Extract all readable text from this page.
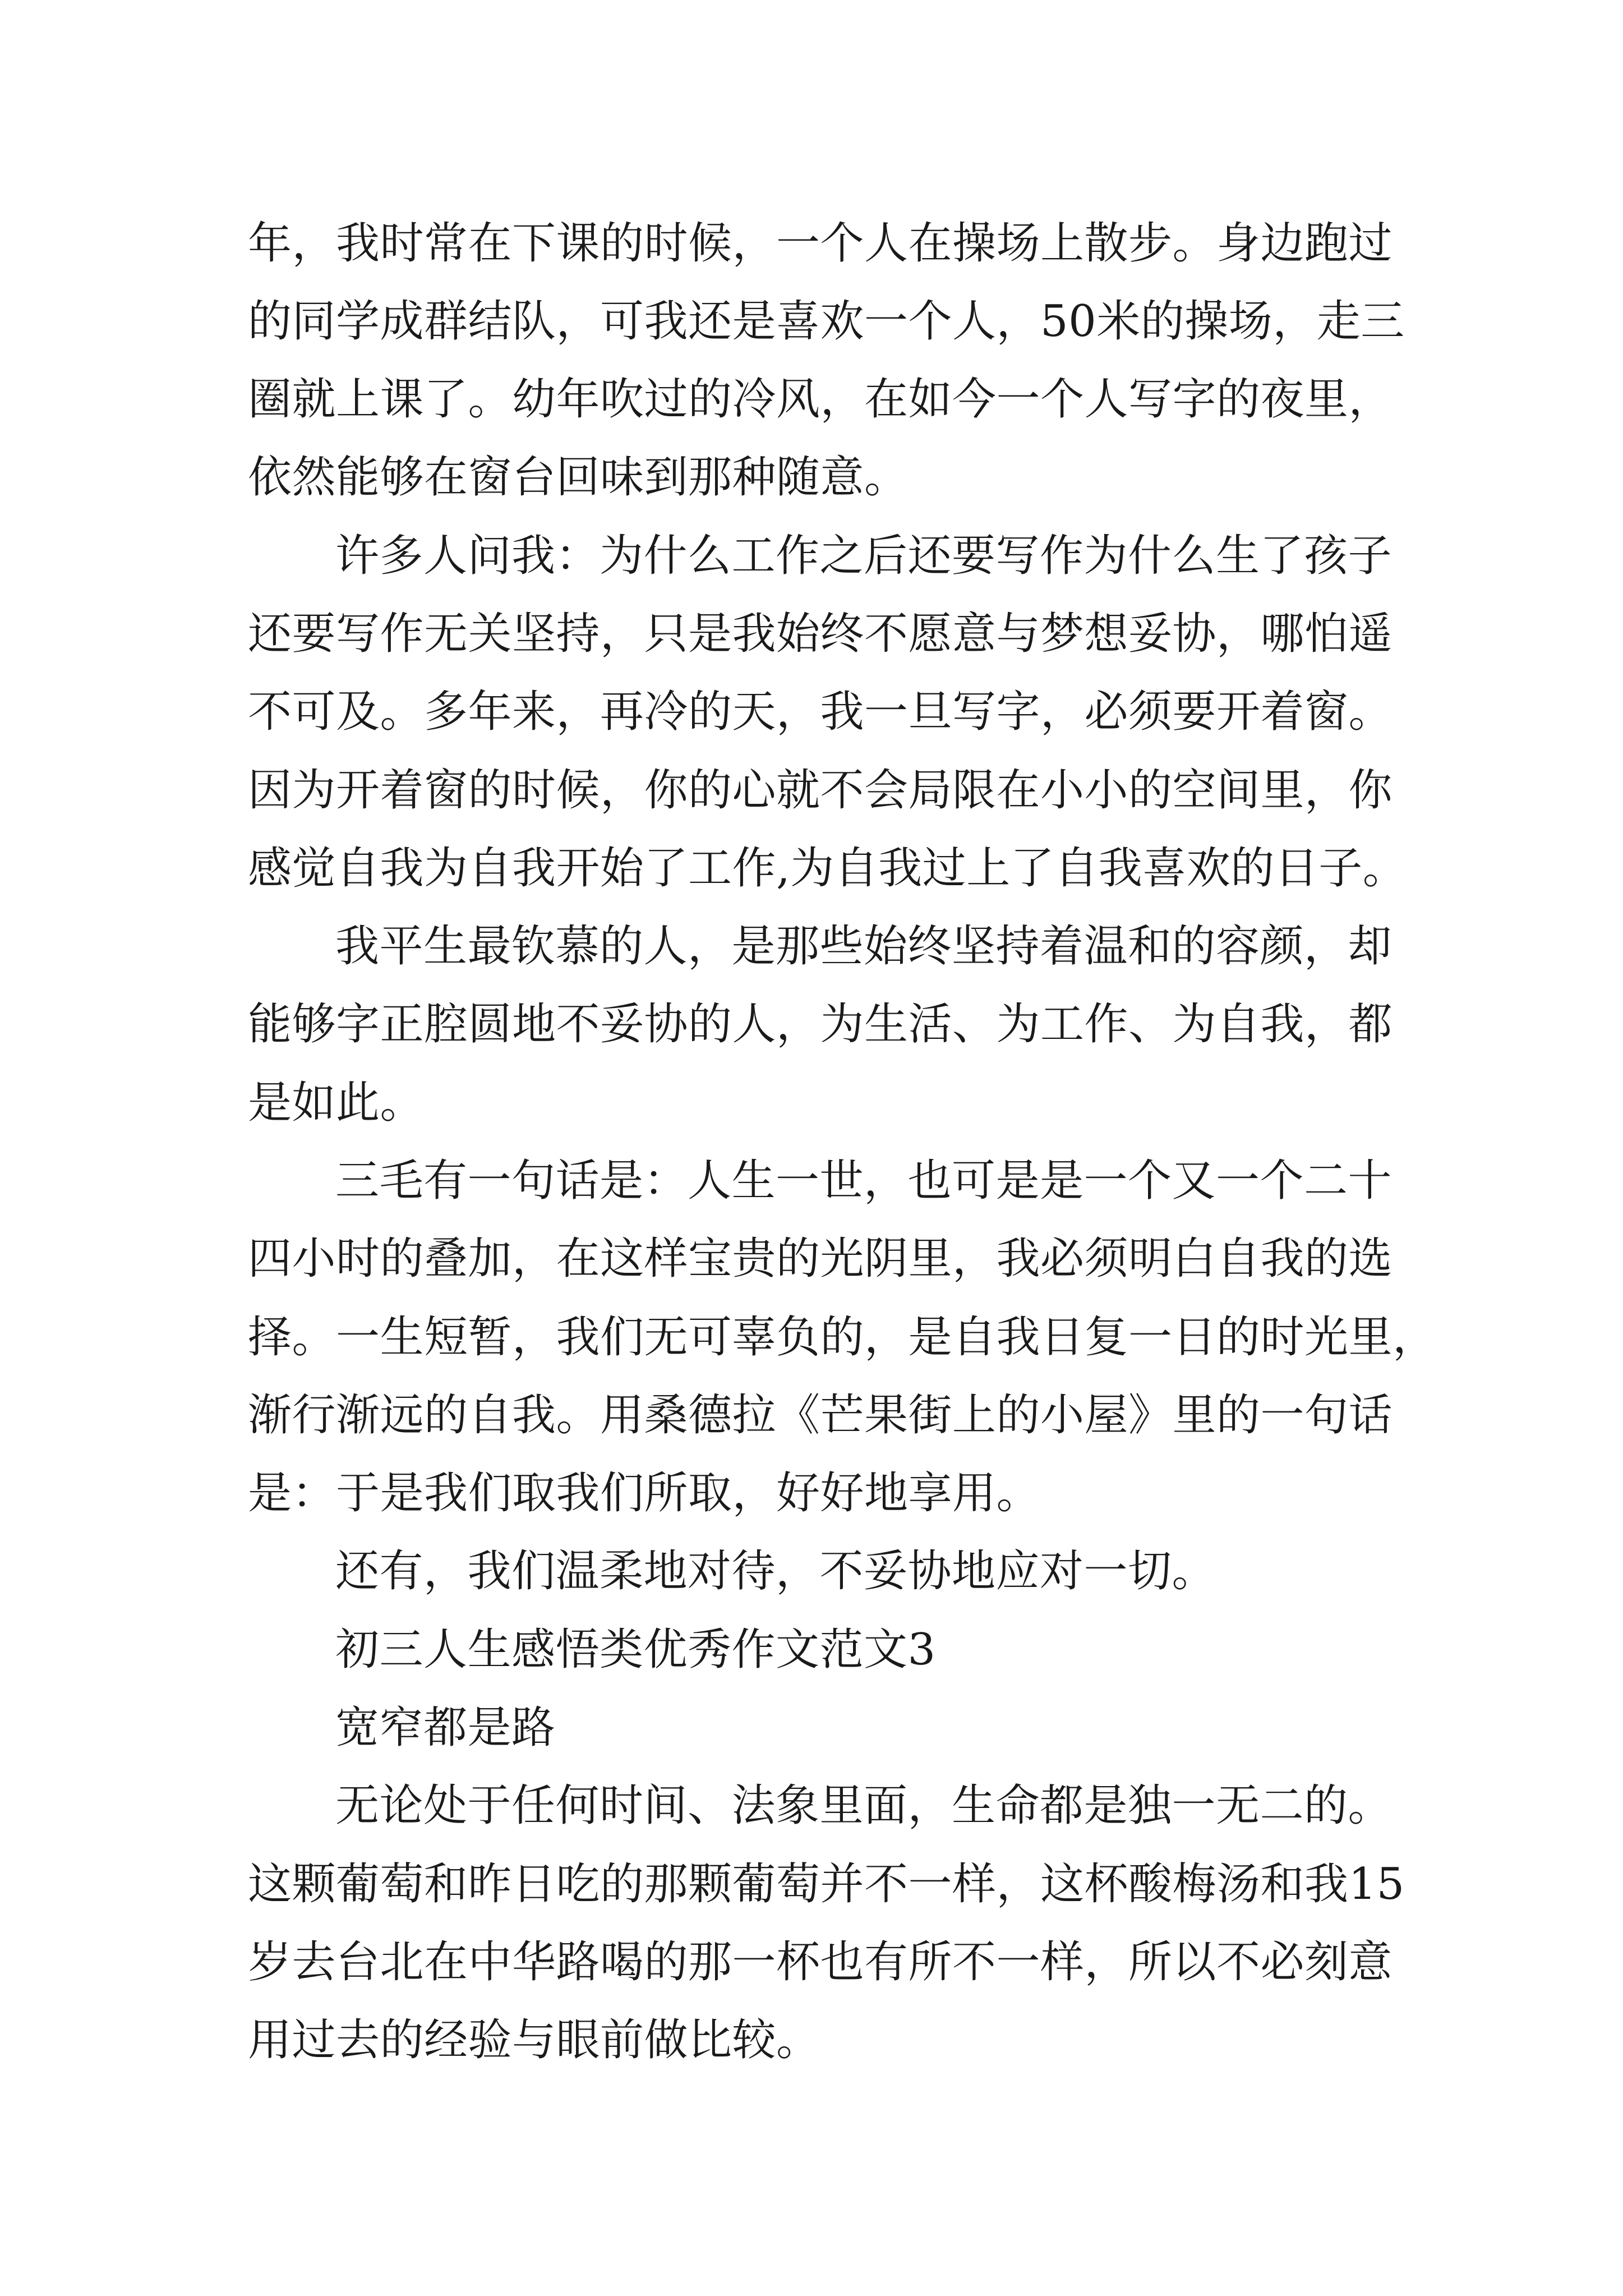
年，我时常在下课的时候，一个人在操场上散步。身边跑过

的同学成群结队，可我还是喜欢一个人，50米的操场，走三

圈就上课了。幼年吹过的冷风，在如今一个人写字的夜里，

依然能够在窗台回味到那种随意。

许多人问我：为什么工作之后还要写作为什么生了孩子

还要写作无关坚持，只是我始终不愿意与梦想妥协，哪怕遥

不可及。多年来，再冷的天，我一旦写字，必须要开着窗。

因为开着窗的时候，你的心就不会局限在小小的空间里，你

感觉自我为自我开始了工作,为自我过上了自我喜欢的日子。

我平生最钦慕的人，是那些始终坚持着温和的容颜，却

能够字正腔圆地不妥协的人，为生活、为工作、为自我，都

是如此。

三毛有一句话是：人生一世，也可是是一个又一个二十

四小时的叠加，在这样宝贵的光阴里，我必须明白自我的选

择。一生短暂，我们无可辜负的，是自我日复一日的时光里，

渐行渐远的自我。用桑德拉《芒果街上的小屋》里的一句话

是：于是我们取我们所取，好好地享用。

还有，我们温柔地对待，不妥协地应对一切。

初三人生感悟类优秀作文范文3

宽窄都是路

无论处于任何时间、法象里面，生命都是独一无二的。

这颗葡萄和昨日吃的那颗葡萄并不一样，这杯酸梅汤和我15

岁去台北在中华路喝的那一杯也有所不一样，所以不必刻意

用过去的经验与眼前做比较。
